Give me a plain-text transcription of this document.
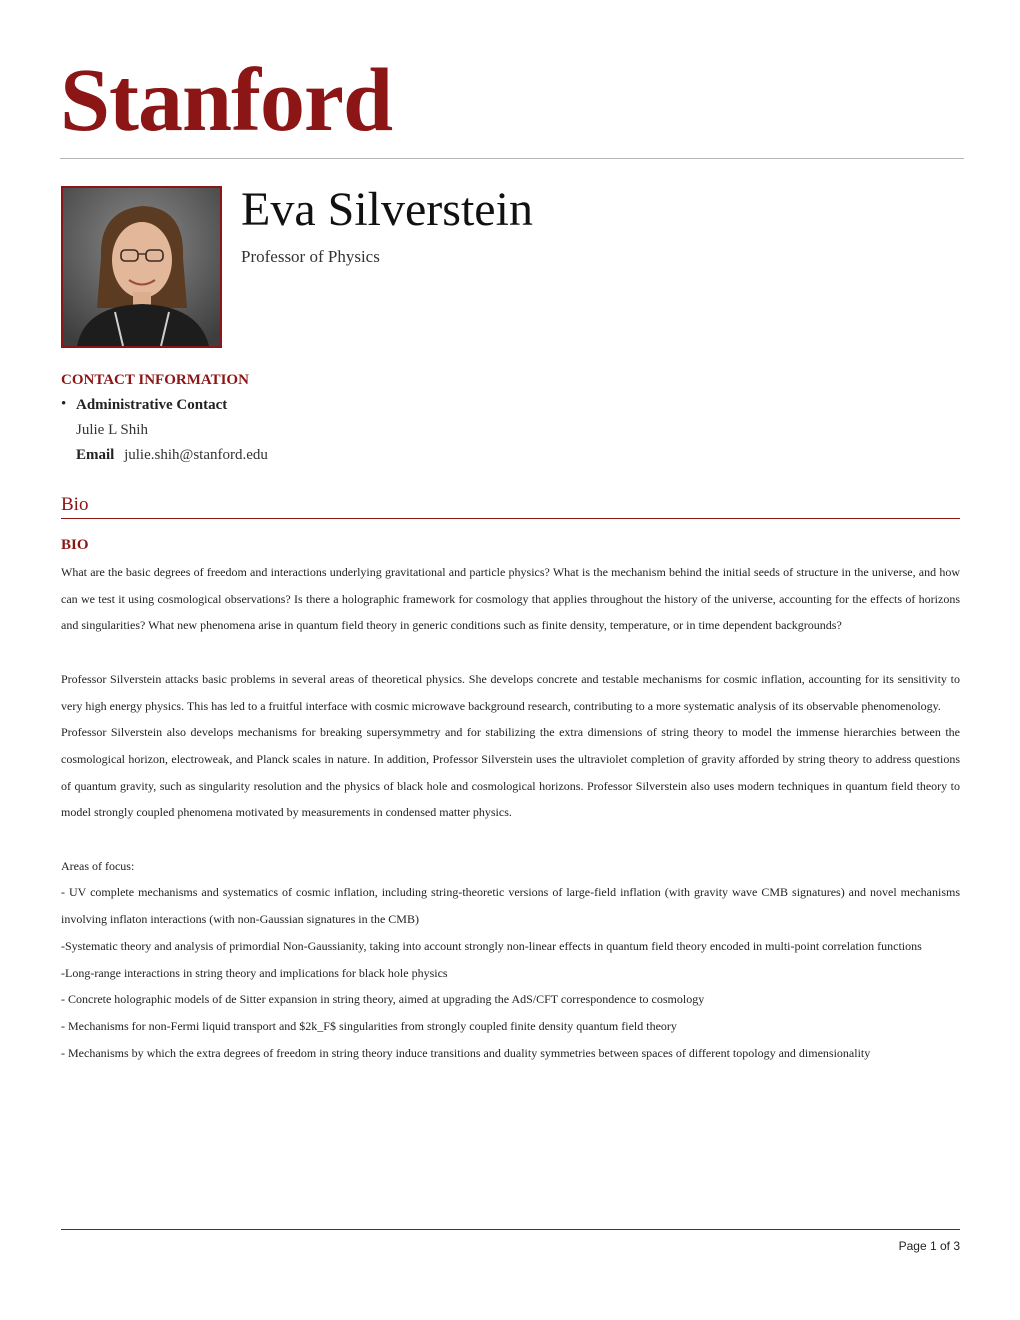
Stanford
Eva Silverstein
Professor of Physics
CONTACT INFORMATION
• Administrative Contact
Julie L Shih
Email julie.shih@stanford.edu
Bio
BIO

What are the basic degrees of freedom and interactions underlying gravitational and particle physics? What is the mechanism behind the initial seeds of structure in the universe, and how can we test it using cosmological observations? Is there a holographic framework for cosmology that applies throughout the history of the universe, accounting for the effects of horizons and singularities? What new phenomena arise in quantum field theory in generic conditions such as finite density, temperature, or in time dependent backgrounds?

Professor Silverstein attacks basic problems in several areas of theoretical physics. She develops concrete and testable mechanisms for cosmic inflation, accounting for its sensitivity to very high energy physics. This has led to a fruitful interface with cosmic microwave background research, contributing to a more systematic analysis of its observable phenomenology.

Professor Silverstein also develops mechanisms for breaking supersymmetry and for stabilizing the extra dimensions of string theory to model the immense hierarchies between the cosmological horizon, electroweak, and Planck scales in nature. In addition, Professor Silverstein uses the ultraviolet completion of gravity afforded by string theory to address questions of quantum gravity, such as singularity resolution and the physics of black hole and cosmological horizons. Professor Silverstein also uses modern techniques in quantum field theory to model strongly coupled phenomena motivated by measurements in condensed matter physics.

Areas of focus:

- UV complete mechanisms and systematics of cosmic inflation, including string-theoretic versions of large-field inflation (with gravity wave CMB signatures) and novel mechanisms involving inflaton interactions (with non-Gaussian signatures in the CMB)

-Systematic theory and analysis of primordial Non-Gaussianity, taking into account strongly non-linear effects in quantum field theory encoded in multi-point correlation functions

-Long-range interactions in string theory and implications for black hole physics

- Concrete holographic models of de Sitter expansion in string theory, aimed at upgrading the AdS/CFT correspondence to cosmology

- Mechanisms for non-Fermi liquid transport and $2k_F$ singularities from strongly coupled finite density quantum field theory

- Mechanisms by which the extra degrees of freedom in string theory induce transitions and duality symmetries between spaces of different topology and dimensionality

Page 1 of 3
